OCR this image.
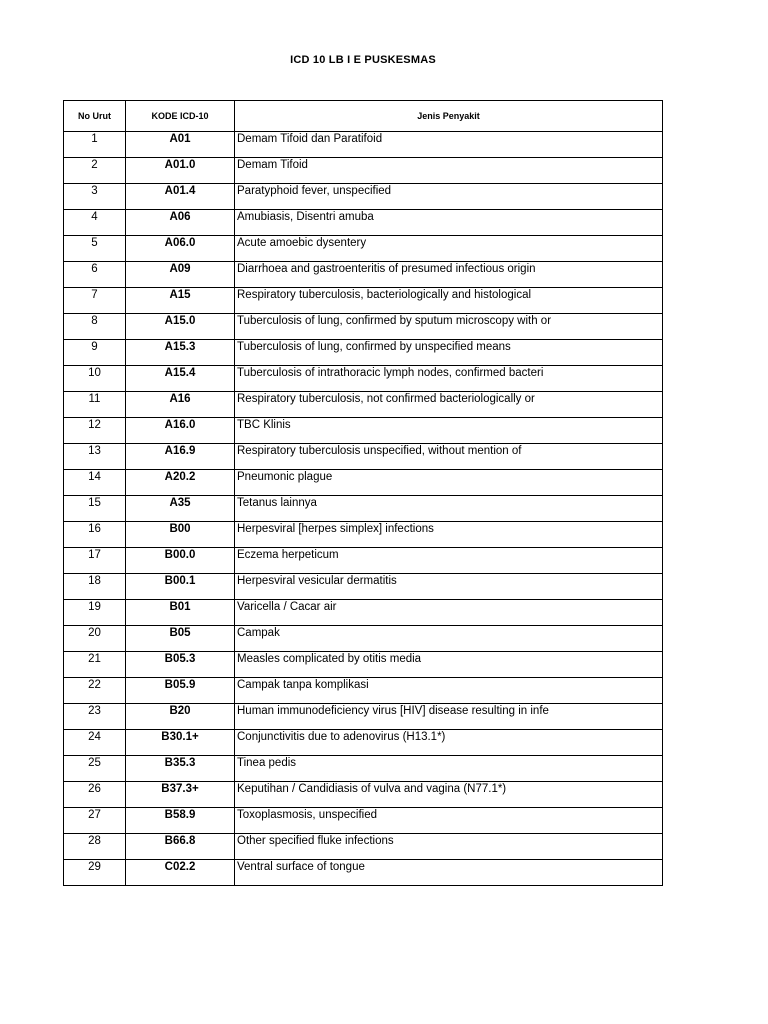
ICD 10 LB I E PUSKESMAS
No Urut	KODE ICD-10	Jenis Penyakit
1	A01	Demam Tifoid dan Paratifoid
2	A01.0	Demam Tifoid
3	A01.4	Paratyphoid fever, unspecified
4	A06	Amubiasis, Disentri amuba
5	A06.0	Acute amoebic dysentery
6	A09	Diarrhoea and gastroenteritis of presumed infectious origin
7	A15	Respiratory tuberculosis, bacteriologically and histological
8	A15.0	Tuberculosis of lung, confirmed by sputum microscopy with or
9	A15.3	Tuberculosis of lung, confirmed by unspecified means
10	A15.4	Tuberculosis of intrathoracic lymph nodes, confirmed bacteri
11	A16	Respiratory tuberculosis, not confirmed bacteriologically or
12	A16.0	TBC Klinis
13	A16.9	Respiratory tuberculosis unspecified, without mention of
14	A20.2	Pneumonic plague
15	A35	Tetanus lainnya
16	B00	Herpesviral [herpes simplex] infections
17	B00.0	Eczema herpeticum
18	B00.1	Herpesviral vesicular dermatitis
19	B01	Varicella / Cacar air
20	B05	Campak
21	B05.3	Measles complicated by otitis media
22	B05.9	Campak tanpa komplikasi
23	B20	Human immunodeficiency virus [HIV] disease resulting in infe
24	B30.1+	Conjunctivitis due to adenovirus (H13.1*)
25	B35.3	Tinea pedis
26	B37.3+	Keputihan / Candidiasis of vulva and vagina (N77.1*)
27	B58.9	Toxoplasmosis, unspecified
28	B66.8	Other specified fluke infections
29	C02.2	Ventral surface of tongue
